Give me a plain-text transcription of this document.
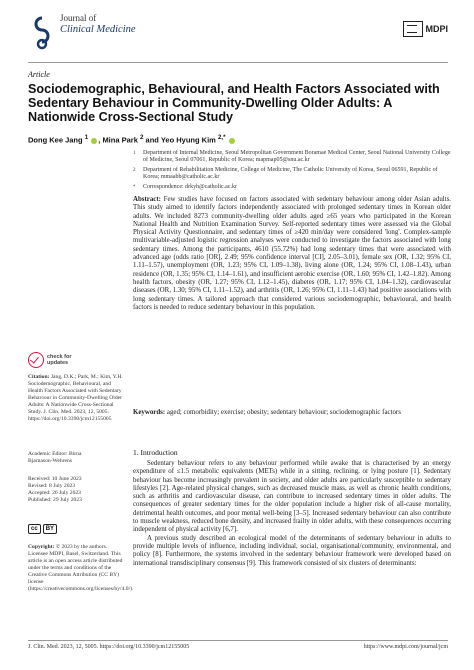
Journal of
Clinical Medicine	MDPI
Article
Sociodemographic, Behavioural, and Health Factors Associated with Sedentary Behaviour in Community-Dwelling Older Adults: A Nationwide Cross-Sectional Study
Dong Kee Jang $^1$ , Mina Park $^2$ and Yeo Hyung Kim $^{2,*}$
1	Department of Internal Medicine, Seoul Metropolitan Government Boramae Medical Center, Seoul National University College of Medicine, Seoul 07061, Republic of Korea; mapmap05@snu.ac.kr
2	Department of Rehabilitation Medicine, College of Medicine, The Catholic University of Korea, Seoul 06591, Republic of Korea; mmaabb@catholic.ac.kr
*	Correspondence: drkyh@catholic.ac.kr
Abstract: Few studies have focused on factors associated with sedentary behaviour among older Asian adults. This study aimed to identify factors independently associated with prolonged sedentary times in Korean older adults. We included 8273 community-dwelling older adults aged ≥65 years who participated in the Korean National Health and Nutrition Examination Survey. Self-reported sedentary times were assessed via the Global Physical Activity Questionnaire, and sedentary times of ≥420 min/day were considered 'long'. Complex-sample multivariable-adjusted logistic regression analyses were conducted to investigate the factors associated with long sedentary times. Among the participants, 4610 (55.72%) had long sedentary times that were associated with advanced age (odds ratio [OR], 2.49; 95% confidence interval [CI], 2.05–3.01), female sex (OR, 1.32; 95% CI, 1.11–1.57), unemployment (OR, 1.23; 95% CI, 1.09–1.38), living alone (OR, 1.24; 95% CI, 1.08–1.43), urban residence (OR, 1.35; 95% CI, 1.14–1.61), and insufficient aerobic exercise (OR, 1.60; 95% CI, 1.42–1.82). Among health factors, obesity (OR, 1.27; 95% CI, 1.12–1.45), diabetes (OR, 1.17; 95% CI, 1.04–1.32), cardiovascular diseases (OR, 1.30; 95% CI, 1.11–1.52), and arthritis (OR, 1.26; 95% CI, 1.11–1.43) had positive associations with long sedentary times. A tailored approach that considered various sociodemographic, behavioural, and health factors is needed to reduce sedentary behaviour in this population.
Keywords: aged; comorbidity; exercise; obesity; sedentary behaviour; sociodemographic factors
check for
updates
Citation: Jang, D.K.; Park, M.; Kim, Y.H. Sociodemographic, Behavioural, and Health Factors Associated with Sedentary Behaviour in Community-Dwelling Older Adults: A Nationwide Cross-Sectional Study. J. Clin. Med. 2023, 12, 5005. https://doi.org/10.3390/jcm12155005
Academic Editor: Birna
Bjarnason-Wehrens
Received: 10 June 2023
Revised: 8 July 2023
Accepted: 26 July 2023
Published: 29 July 2023
cc	BY
Copyright: © 2023 by the authors. Licensee MDPI, Basel, Switzerland. This article is an open access article distributed under the terms and conditions of the Creative Commons Attribution (CC BY) license (https://creativecommons.org/licenses/by/4.0/).
1. Introduction

Sedentary behaviour refers to any behaviour performed while awake that is characterised by an energy expenditure of ≤1.5 metabolic equivalents (METs) while in a sitting, reclining, or lying posture [1]. Sedentary behaviour has become increasingly prevalent in society, and older adults are particularly susceptible to sedentary lifestyles [2]. Age-related physical changes, such as decreased muscle mass, as well as chronic health conditions, such as arthritis and cardiovascular disease, can contribute to increased sedentary times in older adults. The consequences of greater sedentary times for the older population include a higher risk of all-cause mortality, detrimental health outcomes, and poor mental well-being [3–5]. Increased sedentary behaviour can also contribute to muscle weakness, reduced bone density, and increased frailty in older adults, with these consequences occurring independent of physical activity [6,7].

A previous study described an ecological model of the determinants of sedentary behaviour in adults to provide multiple levels of influence, including individual, social, organisational/community, environmental, and policy [8]. Furthermore, the systems involved in the sedentary behaviour framework were developed based on international transdisciplinary consensus [9]. This framework consisted of six clusters of determinants:

J. Clin. Med. 2023, 12, 5005. https://doi.org/10.3390/jcm12155005	https://www.mdpi.com/journal/jcm
